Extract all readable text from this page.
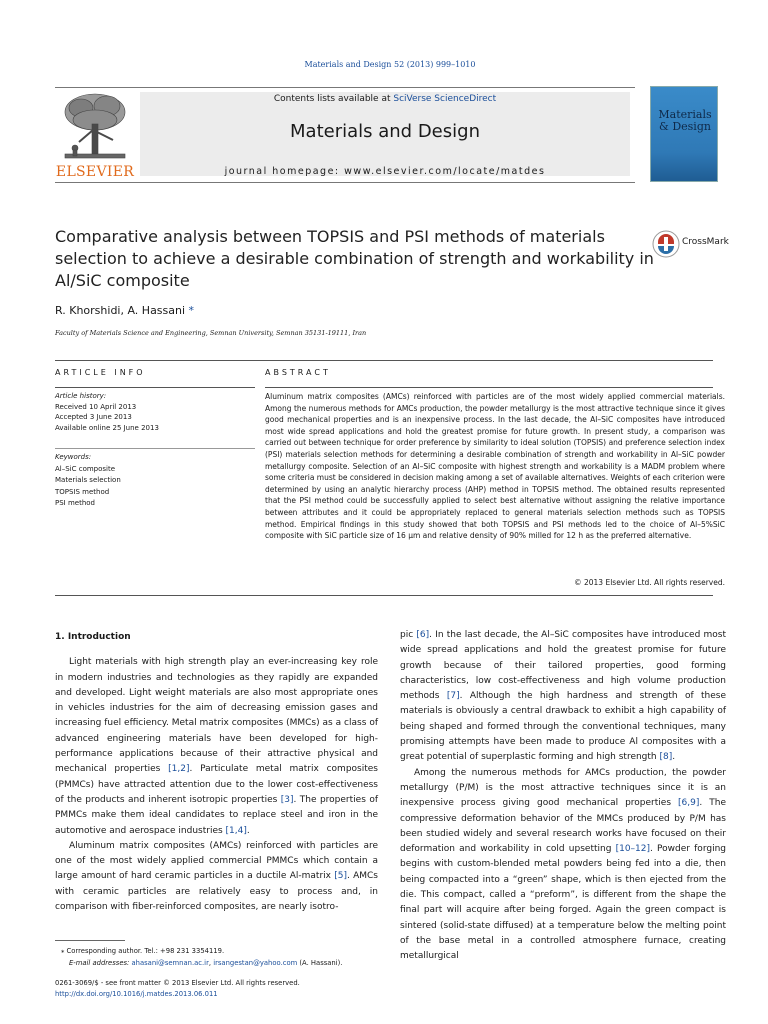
Materials and Design 52 (2013) 999–1010
ELSEVIER
Contents lists available at SciVerse ScienceDirect
Materials and Design
journal homepage: www.elsevier.com/locate/matdes
Materials & Design
Comparative analysis between TOPSIS and PSI methods of materials selection to achieve a desirable combination of strength and workability in Al/SiC composite
CrossMark
R. Khorshidi, A. Hassani *
Faculty of Materials Science and Engineering, Semnan University, Semnan 35131-19111, Iran
ARTICLE INFO	ABSTRACT
Article history:
Received 10 April 2013
Accepted 3 June 2013
Available online 25 June 2013
Keywords:
Al–SiC composite
Materials selection
TOPSIS method
PSI method
Aluminum matrix composites (AMCs) reinforced with particles are of the most widely applied commercial materials. Among the numerous methods for AMCs production, the powder metallurgy is the most attractive technique since it gives good mechanical properties and is an inexpensive process. In the last decade, the Al–SiC composites have introduced most wide spread applications and hold the greatest promise for future growth. In present study, a comparison was carried out between technique for order preference by similarity to ideal solution (TOPSIS) and preference selection index (PSI) materials selection methods for determining a desirable combination of strength and workability in Al–SiC powder metallurgy composite. Selection of an Al–SiC composite with highest strength and workability is a MADM problem where some criteria must be considered in decision making among a set of available alternatives. Weights of each criterion were determined by using an analytic hierarchy process (AHP) method in TOPSIS method. The obtained results represented that the PSI method could be successfully applied to select best alternative without assigning the relative importance between attributes and it could be appropriately replaced to general materials selection methods such as TOPSIS method. Empirical findings in this study showed that both TOPSIS and PSI methods led to the choice of Al–5%SiC composite with SiC particle size of 16 μm and relative density of 90% milled for 12 h as the preferred alternative.
© 2013 Elsevier Ltd. All rights reserved.

1. Introduction

Light materials with high strength play an ever-increasing key role in modern industries and technologies as they rapidly are expanded and developed. Light weight materials are also most appropriate ones in vehicles industries for the aim of decreasing emission gases and increasing fuel efficiency. Metal matrix composites (MMCs) as a class of advanced engineering materials have been developed for high-performance applications because of their attractive physical and mechanical properties [1,2]. Particulate metal matrix composites (PMMCs) have attracted attention due to the lower cost-effectiveness of the products and inherent isotropic properties [3]. The properties of PMMCs make them ideal candidates to replace steel and iron in the automotive and aerospace industries [1,4].

Aluminum matrix composites (AMCs) reinforced with particles are one of the most widely applied commercial PMMCs which contain a large amount of hard ceramic particles in a ductile Al-matrix [5]. AMCs with ceramic particles are relatively easy to process and, in comparison with fiber-reinforced composites, are nearly isotro-

pic [6]. In the last decade, the Al–SiC composites have introduced most wide spread applications and hold the greatest promise for future growth because of their tailored properties, good forming characteristics, low cost-effectiveness and high volume production methods [7]. Although the high hardness and strength of these materials is obviously a central drawback to exhibit a high capability of being shaped and formed through the conventional techniques, many promising attempts have been made to produce Al composites with a great potential of superplastic forming and high strength [8].

Among the numerous methods for AMCs production, the powder metallurgy (P/M) is the most attractive techniques since it is an inexpensive process giving good mechanical properties [6,9]. The compressive deformation behavior of the MMCs produced by P/M has been studied widely and several research works have focused on their deformation and workability in cold upsetting [10–12]. Powder forging begins with custom-blended metal powders being fed into a die, then being compacted into a “green” shape, which is then ejected from the die. This compact, called a “preform”, is different from the shape the final part will acquire after being forged. Again the green compact is sintered (solid-state diffused) at a temperature below the melting point of the base metal in a controlled atmosphere furnace, creating metallurgical

⁎ Corresponding author. Tel.: +98 231 3354119.
E-mail addresses: ahasani@semnan.ac.ir, irsangestan@yahoo.com (A. Hassani).
0261-3069/$ - see front matter © 2013 Elsevier Ltd. All rights reserved.
http://dx.doi.org/10.1016/j.matdes.2013.06.011
